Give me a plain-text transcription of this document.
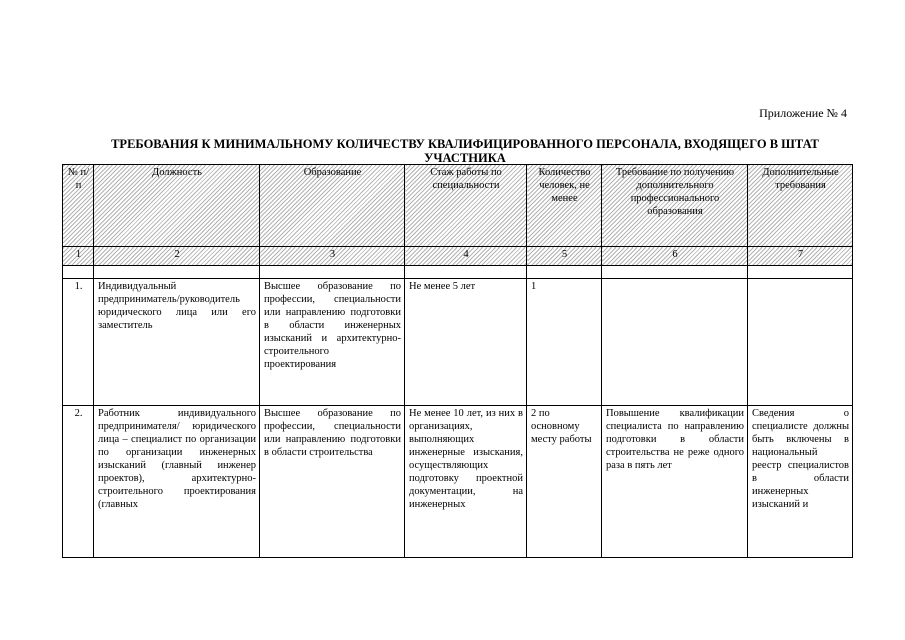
Приложение № 4
ТРЕБОВАНИЯ К МИНИМАЛЬНОМУ КОЛИЧЕСТВУ КВАЛИФИЦИРОВАННОГО ПЕРСОНАЛА, ВХОДЯЩЕГО В ШТАТ УЧАСТНИКА
№ п/п	Должность	Образование	Стаж работы по специальности	Количество человек, не менее	Требование по получению дополнительного профессионального образования	Дополнительные требования
1	2	3	4	5	6	7

1.	Индивидуальный предприниматель/руководитель юридического лица или его заместитель	Высшее образование по профессии, специальности или направлению подготовки в области инженерных изысканий и архитектурно-строительного проектирования	Не менее 5 лет	1		
2.	Работник индивидуального предпринимателя/ юридического лица – специалист по организации по организации инженерных изысканий (главный инженер проектов), архитектурно-строительного проектирования (главных	Высшее образование по профессии, специальности или направлению подготовки в области строительства	Не менее 10 лет, из них в организациях, выполняющих инженерные изыскания, осуществляющих подготовку проектной документации, на инженерных	2 по основному месту работы	Повышение квалификации специалиста по направлению подготовки в области строительства не реже одного раза в пять лет	Сведения о специалисте должны быть включены в национальный реестр специалистов в области инженерных изысканий и
